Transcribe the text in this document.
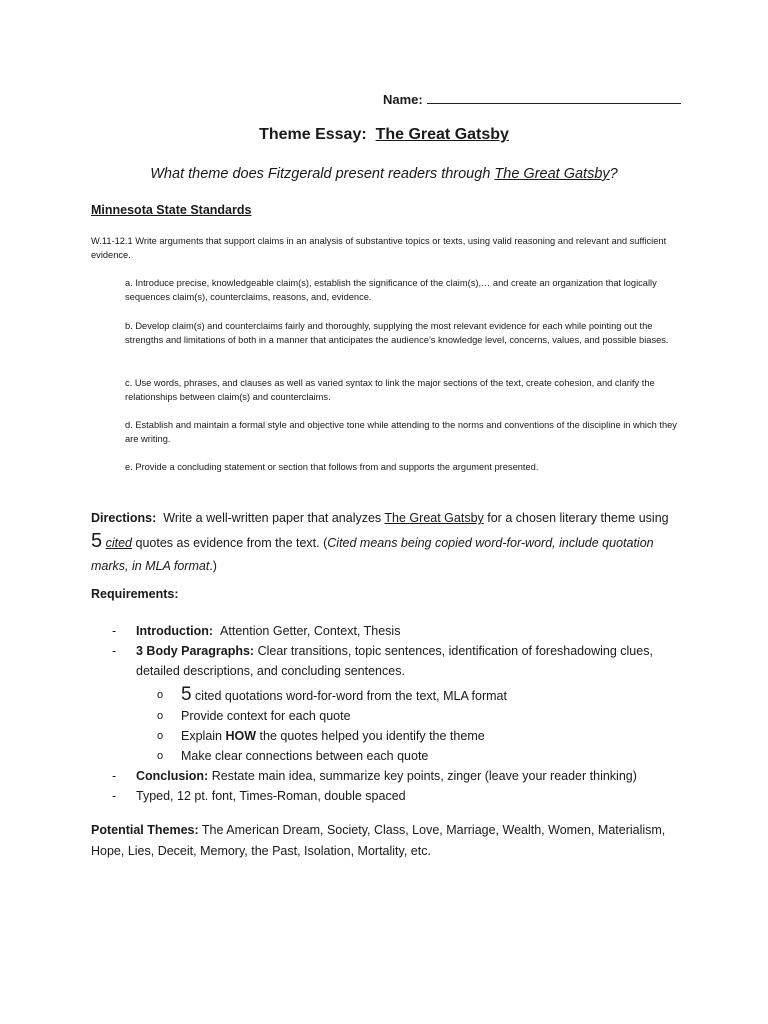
Name:
Theme Essay: The Great Gatsby
What theme does Fitzgerald present readers through The Great Gatsby?
Minnesota State Standards
W.11-12.1 Write arguments that support claims in an analysis of substantive topics or texts, using valid reasoning and relevant and sufficient evidence.
a. Introduce precise, knowledgeable claim(s), establish the significance of the claim(s),… and create an organization that logically sequences claim(s), counterclaims, reasons, and, evidence.
b. Develop claim(s) and counterclaims fairly and thoroughly, supplying the most relevant evidence for each while pointing out the strengths and limitations of both in a manner that anticipates the audience’s knowledge level, concerns, values, and possible biases.
c. Use words, phrases, and clauses as well as varied syntax to link the major sections of the text, create cohesion, and clarify the relationships between claim(s) and counterclaims.
d. Establish and maintain a formal style and objective tone while attending to the norms and conventions of the discipline in which they are writing.
e. Provide a concluding statement or section that follows from and supports the argument presented.
Directions: Write a well-written paper that analyzes The Great Gatsby for a chosen literary theme using 5 cited quotes as evidence from the text. (Cited means being copied word-for-word, include quotation marks, in MLA format.)
Requirements:
- Introduction: Attention Getter, Context, Thesis
- 3 Body Paragraphs: Clear transitions, topic sentences, identification of foreshadowing clues, detailed descriptions, and concluding sentences.
o 5 cited quotations word-for-word from the text, MLA format
o Provide context for each quote
o Explain HOW the quotes helped you identify the theme
o Make clear connections between each quote
- Conclusion: Restate main idea, summarize key points, zinger (leave your reader thinking)
- Typed, 12 pt. font, Times-Roman, double spaced
Potential Themes: The American Dream, Society, Class, Love, Marriage, Wealth, Women, Materialism, Hope, Lies, Deceit, Memory, the Past, Isolation, Mortality, etc.
